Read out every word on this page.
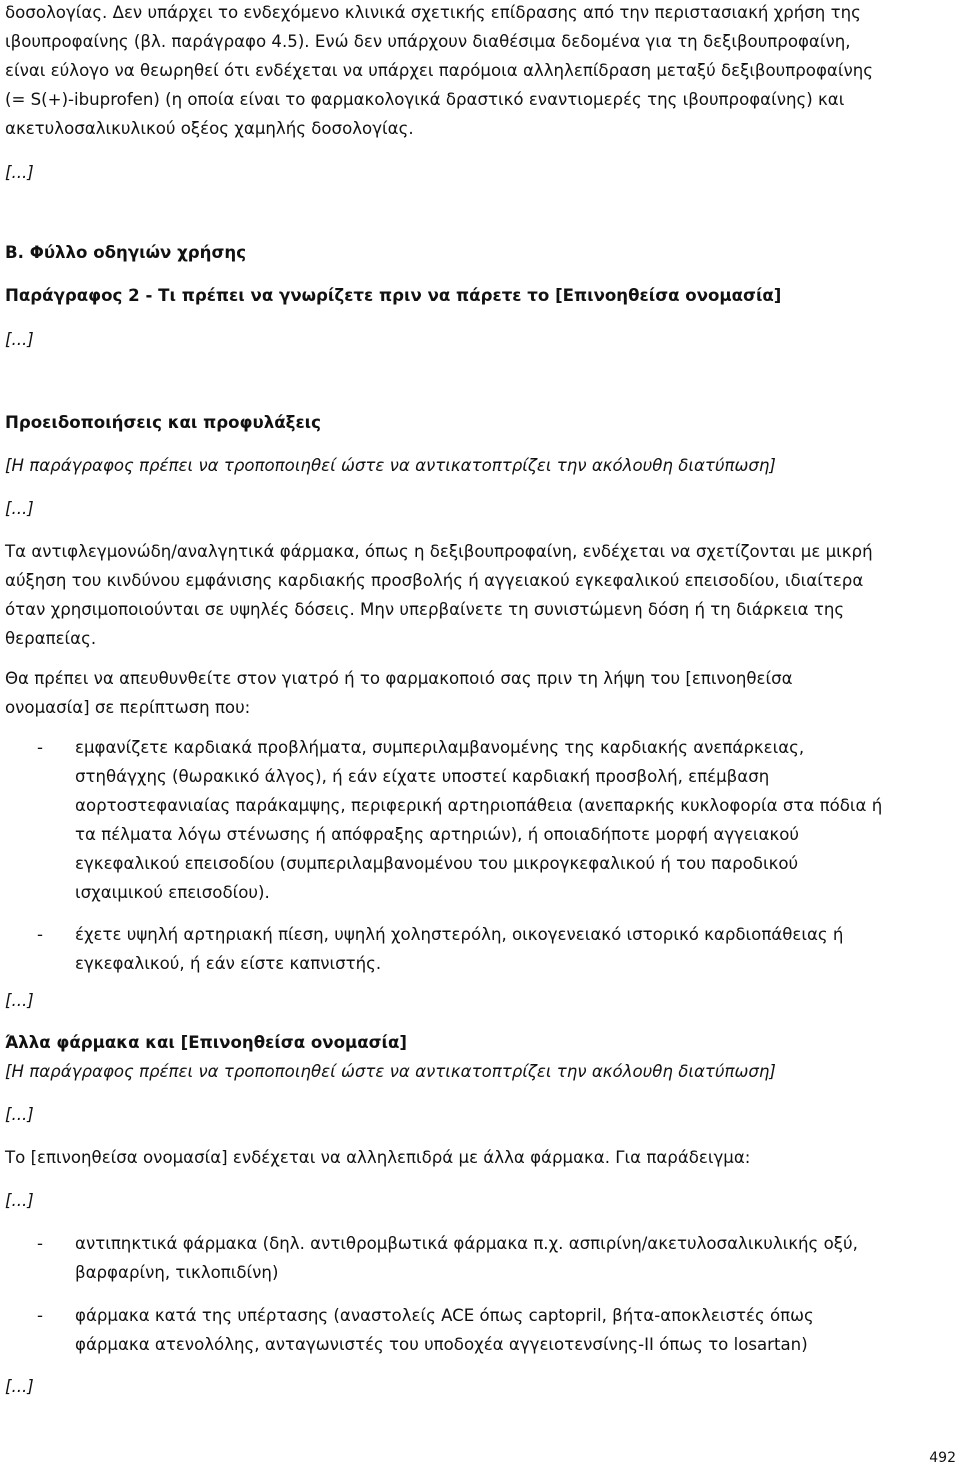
δοσολογίας. Δεν υπάρχει το ενδεχόμενο κλινικά σχετικής επίδρασης από την περιστασιακή χρήση της

ιβουπροφαίνης (βλ. παράγραφο 4.5). Ενώ δεν υπάρχουν διαθέσιμα δεδομένα για τη δεξιβουπροφαίνη,

είναι εύλογο να θεωρηθεί ότι ενδέχεται να υπάρχει παρόμοια αλληλεπίδραση μεταξύ δεξιβουπροφαίνης

(= S(+)-ibuprofen) (η οποία είναι το φαρμακολογικά δραστικό εναντιομερές της ιβουπροφαίνης) και

ακετυλοσαλικυλικού οξέος χαμηλής δοσολογίας.

[...]

Β. Φύλλο οδηγιών χρήσης

Παράγραφος 2 - Τι πρέπει να γνωρίζετε πριν να πάρετε το [Επινοηθείσα ονομασία]

[...]

Προειδοποιήσεις και προφυλάξεις

[Η παράγραφος πρέπει να τροποποιηθεί ώστε να αντικατοπτρίζει την ακόλουθη διατύπωση]

[...]

Τα αντιφλεγμονώδη/αναλγητικά φάρμακα, όπως η δεξιβουπροφαίνη, ενδέχεται να σχετίζονται με μικρή

αύξηση του κινδύνου εμφάνισης καρδιακής προσβολής ή αγγειακού εγκεφαλικού επεισοδίου, ιδιαίτερα

όταν χρησιμοποιούνται σε υψηλές δόσεις. Μην υπερβαίνετε τη συνιστώμενη δόση ή τη διάρκεια της

θεραπείας.

Θα πρέπει να απευθυνθείτε στον γιατρό ή το φαρμακοποιό σας πριν τη λήψη του [επινοηθείσα

ονομασία] σε περίπτωση που:

- εμφανίζετε καρδιακά προβλήματα, συμπεριλαμβανομένης της καρδιακής ανεπάρκειας,

στηθάγχης (θωρακικό άλγος), ή εάν είχατε υποστεί καρδιακή προσβολή, επέμβαση

αορτοστεφανιαίας παράκαμψης, περιφερική αρτηριοπάθεια (ανεπαρκής κυκλοφορία στα πόδια ή

τα πέλματα λόγω στένωσης ή απόφραξης αρτηριών), ή οποιαδήποτε μορφή αγγειακού

εγκεφαλικού επεισοδίου (συμπεριλαμβανομένου του μικρογκεφαλικού ή του παροδικού

ισχαιμικού επεισοδίου).

- έχετε υψηλή αρτηριακή πίεση, υψηλή χοληστερόλη, οικογενειακό ιστορικό καρδιοπάθειας ή

εγκεφαλικού, ή εάν είστε καπνιστής.

[...]

Άλλα φάρμακα και [Επινοηθείσα ονομασία]

[Η παράγραφος πρέπει να τροποποιηθεί ώστε να αντικατοπτρίζει την ακόλουθη διατύπωση]

[...]

Το [επινοηθείσα ονομασία] ενδέχεται να αλληλεπιδρά με άλλα φάρμακα. Για παράδειγμα:

[...]

- αντιπηκτικά φάρμακα (δηλ. αντιθρομβωτικά φάρμακα π.χ. ασπιρίνη/ακετυλοσαλικυλικής οξύ,

βαρφαρίνη, τικλοπιδίνη)

- φάρμακα κατά της υπέρτασης (αναστολείς ACE όπως captopril, βήτα-αποκλειστές όπως

φάρμακα ατενολόλης, ανταγωνιστές του υποδοχέα αγγειοτενσίνης-II όπως το losartan)

[...]

492
